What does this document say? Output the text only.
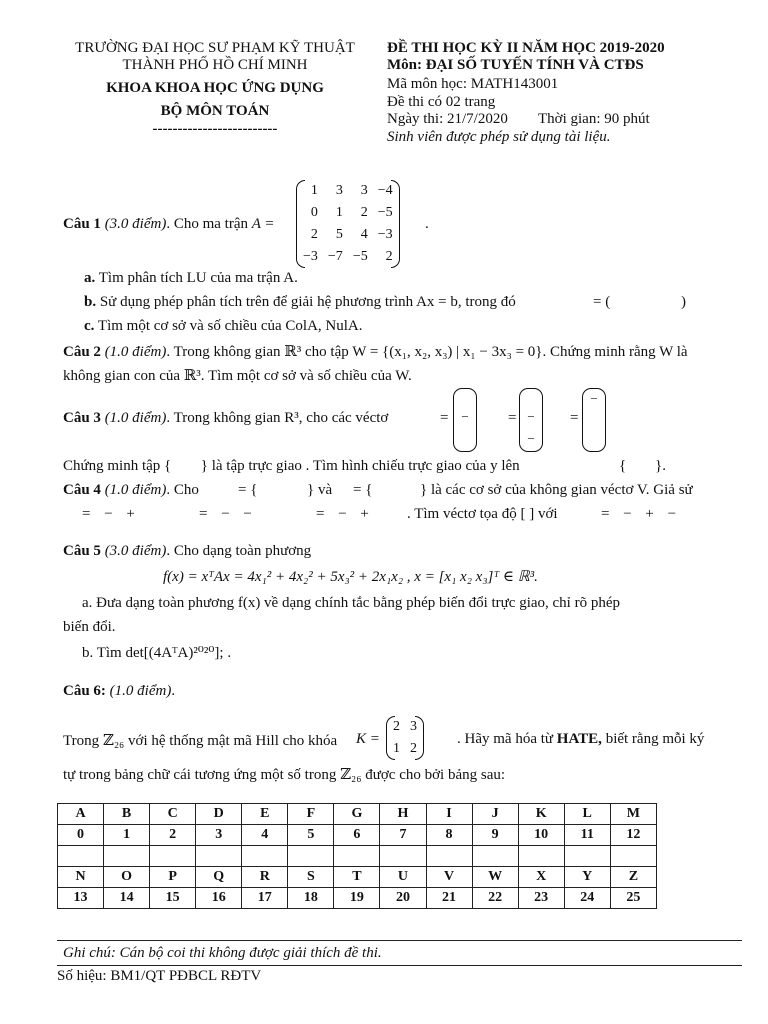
TRƯỜNG ĐẠI HỌC SƯ PHẠM KỸ THUẬT
THÀNH PHỐ HỒ CHÍ MINH
KHOA KHOA HỌC ỨNG DỤNG
BỘ MÔN TOÁN
-------------------------
ĐỀ THI HỌC KỲ II NĂM HỌC 2019-2020
Môn: ĐẠI SỐ TUYẾN TÍNH VÀ CTĐS
Mã môn học: MATH143001
Đề thi có 02 trang
Ngày thi: 21/7/2020 Thời gian: 90 phút
Sinh viên được phép sử dụng tài liệu.
Câu 1 (3.0 điểm). Cho ma trận A =
1	3	3	−4
0	1	2	−5
2	5	4	−3
−3	−7	−5	2
.
a. Tìm phân tích LU của ma trận A.
b. Sử dụng phép phân tích trên để giải hệ phương trình Ax = b, trong đó	= (	)
c. Tìm một cơ sở và số chiều của ColA, NulA.
Câu 2 (1.0 điểm). Trong không gian ℝ³ cho tập W = {(x₁, x₂, x₃) | x₁ − 3x₃ = 0}. Chứng minh rằng W là
không gian con của ℝ³. Tìm một cơ sở và số chiều của W.
Câu 3 (1.0 điểm). Trong không gian R³, cho các véctơ	= −	= −
−
=
−
Chứng minh tập { } là tập trực giao . Tìm hình chiếu trực giao của y lên	{ }.
Câu 4 (1.0 điểm). Cho	= {	} và = {	} là các cơ sở của không gian véctơ V. Giả sử
= − +	= − −	= − +	. Tìm véctơ tọa độ [ ] với	= − + −
Câu 5 (3.0 điểm). Cho dạng toàn phương
f(x) = xᵀAx = 4x₁² + 4x₂² + 5x₃² + 2x₁x₂ , x = [x₁ x₂ x₃]ᵀ ∈ ℝ³.
a. Đưa dạng toàn phương f(x) về dạng chính tắc bằng phép biến đổi trực giao, chỉ rõ phép
biến đổi.
b. Tìm det[(4AᵀA)²⁰²⁰]; .
Câu 6: (1.0 điểm).
Trong ℤ₂₆ với hệ thống mật mã Hill cho khóa K =
2	3
1	2
. Hãy mã hóa từ HATE, biết rằng mỗi ký
tự trong bảng chữ cái tương ứng một số trong ℤ₂₆ được cho bởi bảng sau:
A	B	C	D	E	F	G	H	I	J	K	L	M
0	1	2	3	4	5	6	7	8	9	10	11	12

N	O	P	Q	R	S	T	U	V	W	X	Y	Z
13	14	15	16	17	18	19	20	21	22	23	24	25
Ghi chú: Cán bộ coi thi không được giải thích đề thi.
Số hiệu: BM1/QT PĐBCL RĐTV
